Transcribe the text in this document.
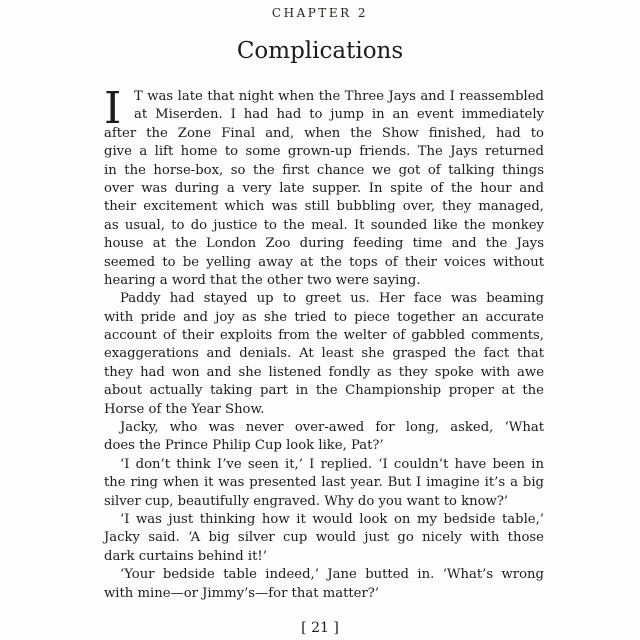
CHAPTER 2
Complications
I T was late that night when the Three Jays and I reassembled
at Miserden. I had had to jump in an event immediately
after the Zone Final and, when the Show finished, had to
give a lift home to some grown-up friends. The Jays returned
in the horse-box, so the first chance we got of talking things
over was during a very late supper. In spite of the hour and
their excitement which was still bubbling over, they managed,
as usual, to do justice to the meal. It sounded like the monkey
house at the London Zoo during feeding time and the Jays
seemed to be yelling away at the tops of their voices without
hearing a word that the other two were saying.
Paddy had stayed up to greet us. Her face was beaming
with pride and joy as she tried to piece together an accurate
account of their exploits from the welter of gabbled comments,
exaggerations and denials. At least she grasped the fact that
they had won and she listened fondly as they spoke with awe
about actually taking part in the Championship proper at the
Horse of the Year Show.
Jacky, who was never over-awed for long, asked, ‘What
does the Prince Philip Cup look like, Pat?’
‘I don’t think I’ve seen it,’ I replied. ‘I couldn’t have been in
the ring when it was presented last year. But I imagine it’s a big
silver cup, beautifully engraved. Why do you want to know?’
‘I was just thinking how it would look on my bedside table,’
Jacky said. ‘A big silver cup would just go nicely with those
dark curtains behind it!’
‘Your bedside table indeed,’ Jane butted in. ‘What’s wrong
with mine—or Jimmy’s—for that matter?’
[ 21 ]
